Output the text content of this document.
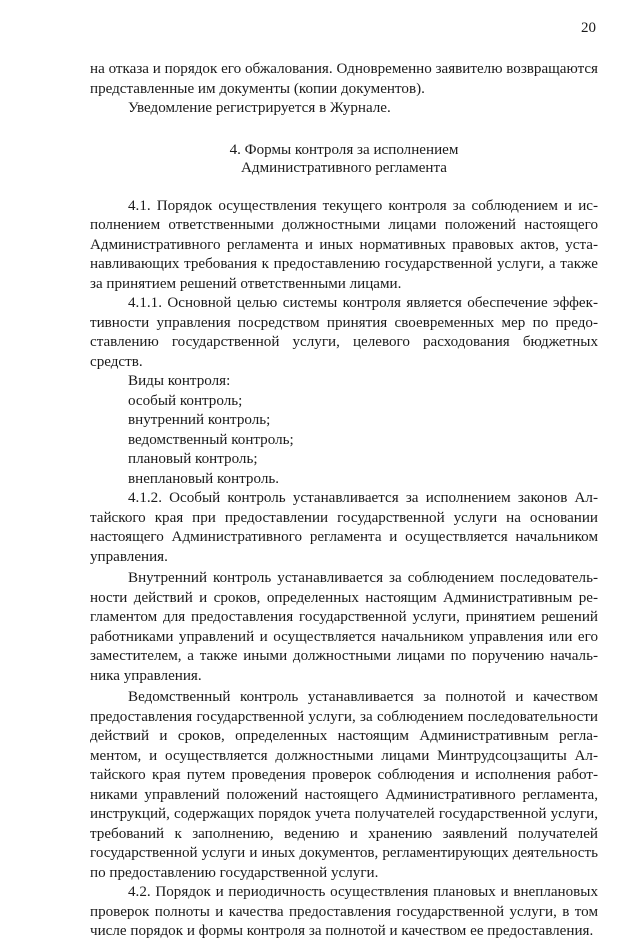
20

на отказа и порядок его обжалования. Одновременно заявителю возвращаются представленные им документы (копии документов).

Уведомление регистрируется в Журнале.

4. Формы контроля за исполнением
Административного регламента

4.1. Порядок осуществления текущего контроля за соблюдением и исполнением ответственными должностными лицами положений настоящего Административного регламента и иных нормативных правовых актов, устанавливающих требования к предоставлению государственной услуги, а также за принятием решений ответственными лицами.

4.1.1. Основной целью системы контроля является обеспечение эффективности управления посредством принятия своевременных мер по предоставлению государственной услуги, целевого расходования бюджетных средств.

Виды контроля:

особый контроль;

внутренний контроль;

ведомственный контроль;

плановый контроль;

внеплановый контроль.

4.1.2. Особый контроль устанавливается за исполнением законов Алтайского края при предоставлении государственной услуги на основании настоящего Административного регламента и осуществляется начальником управления.

Внутренний контроль устанавливается за соблюдением последовательности действий и сроков, определенных настоящим Административным регламентом для предоставления государственной услуги, принятием решений работниками управлений и осуществляется начальником управления или его заместителем, а также иными должностными лицами по поручению начальника управления.

Ведомственный контроль устанавливается за полнотой и качеством предоставления государственной услуги, за соблюдением последовательности действий и сроков, определенных настоящим Административным регламентом, и осуществляется должностными лицами Минтрудсоцзащиты Алтайского края путем проведения проверок соблюдения и исполнения работниками управлений положений настоящего Административного регламента, инструкций, содержащих порядок учета получателей государственной услуги, требований к заполнению, ведению и хранению заявлений получателей государственной услуги и иных документов, регламентирующих деятельность по предоставлению государственной услуги.

4.2. Порядок и периодичность осуществления плановых и внеплановых проверок полноты и качества предоставления государственной услуги, в том числе порядок и формы контроля за полнотой и качеством ее предоставления.
